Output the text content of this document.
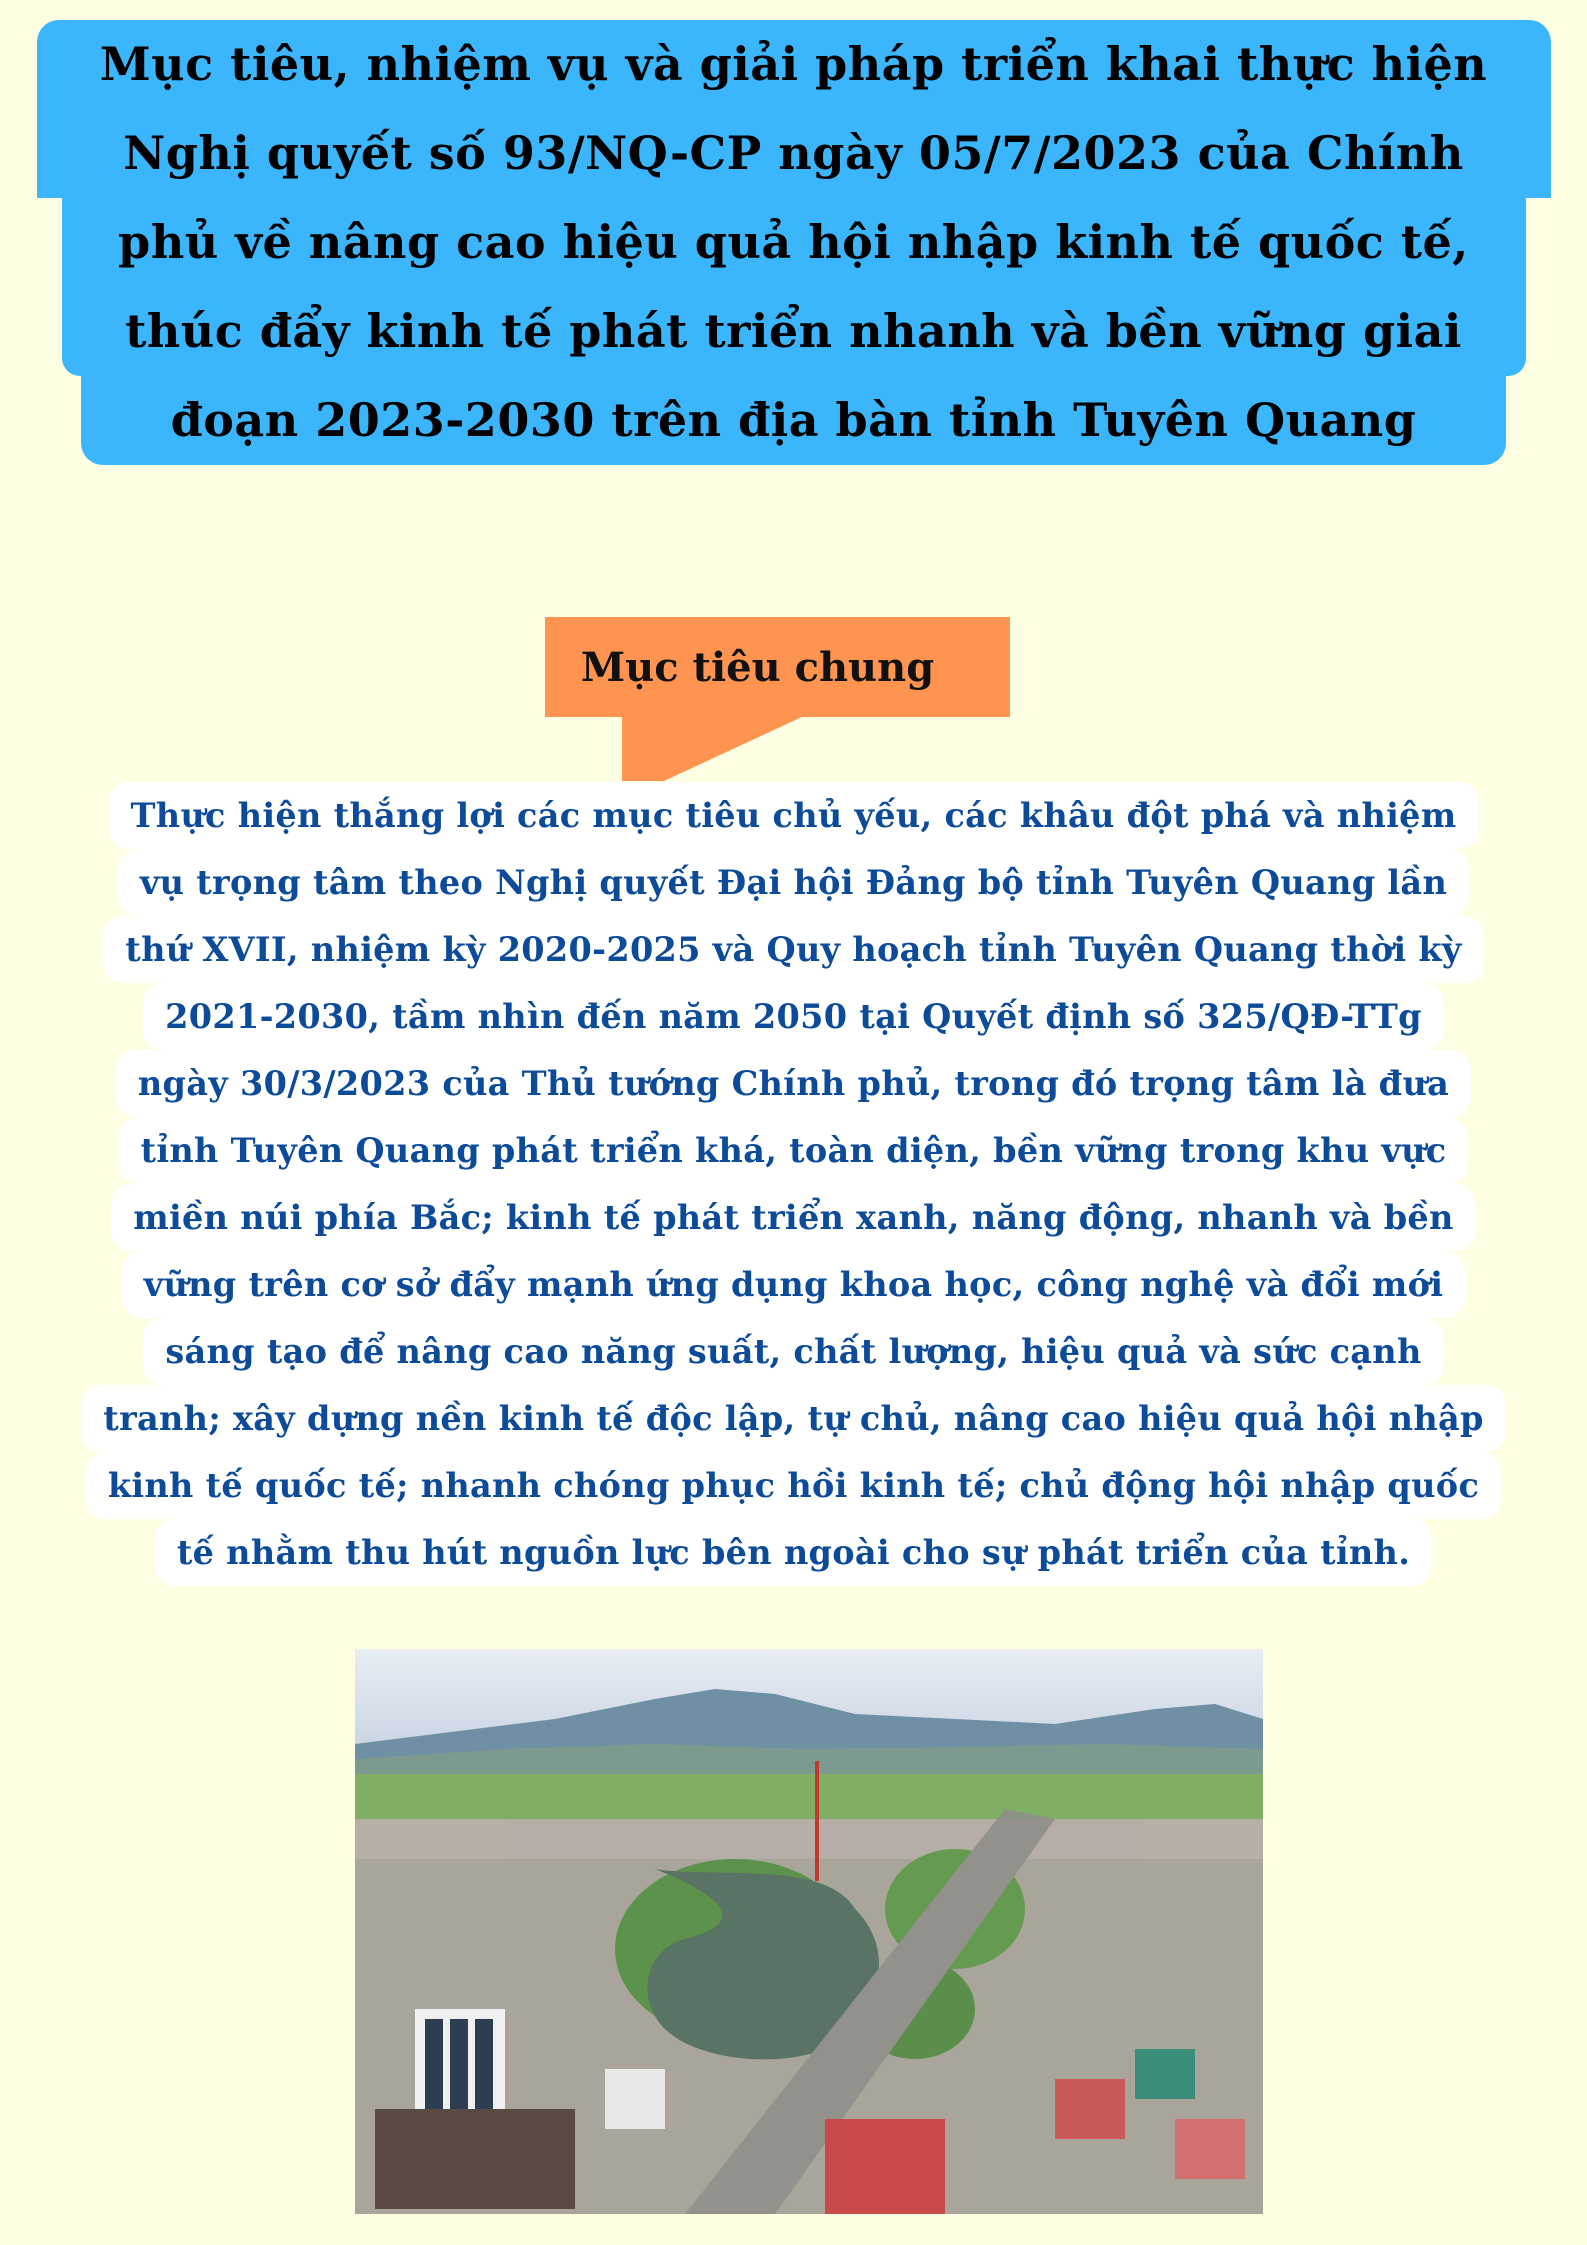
Mục tiêu, nhiệm vụ và giải pháp triển khai thực hiện
Nghị quyết số 93/NQ-CP ngày 05/7/2023 của Chính
phủ về nâng cao hiệu quả hội nhập kinh tế quốc tế,
thúc đẩy kinh tế phát triển nhanh và bền vững giai
đoạn 2023-2030 trên địa bàn tỉnh Tuyên Quang
Mục tiêu chung
Thực hiện thắng lợi các mục tiêu chủ yếu, các khâu đột phá và nhiệm
vụ trọng tâm theo Nghị quyết Đại hội Đảng bộ tỉnh Tuyên Quang lần
thứ XVII, nhiệm kỳ 2020-2025 và Quy hoạch tỉnh Tuyên Quang thời kỳ
2021-2030, tầm nhìn đến năm 2050 tại Quyết định số 325/QĐ-TTg
ngày 30/3/2023 của Thủ tướng Chính phủ, trong đó trọng tâm là đưa
tỉnh Tuyên Quang phát triển khá, toàn diện, bền vững trong khu vực
miền núi phía Bắc; kinh tế phát triển xanh, năng động, nhanh và bền
vững trên cơ sở đẩy mạnh ứng dụng khoa học, công nghệ và đổi mới
sáng tạo để nâng cao năng suất, chất lượng, hiệu quả và sức cạnh
tranh; xây dựng nền kinh tế độc lập, tự chủ, nâng cao hiệu quả hội nhập
kinh tế quốc tế; nhanh chóng phục hồi kinh tế; chủ động hội nhập quốc
tế nhằm thu hút nguồn lực bên ngoài cho sự phát triển của tỉnh.
